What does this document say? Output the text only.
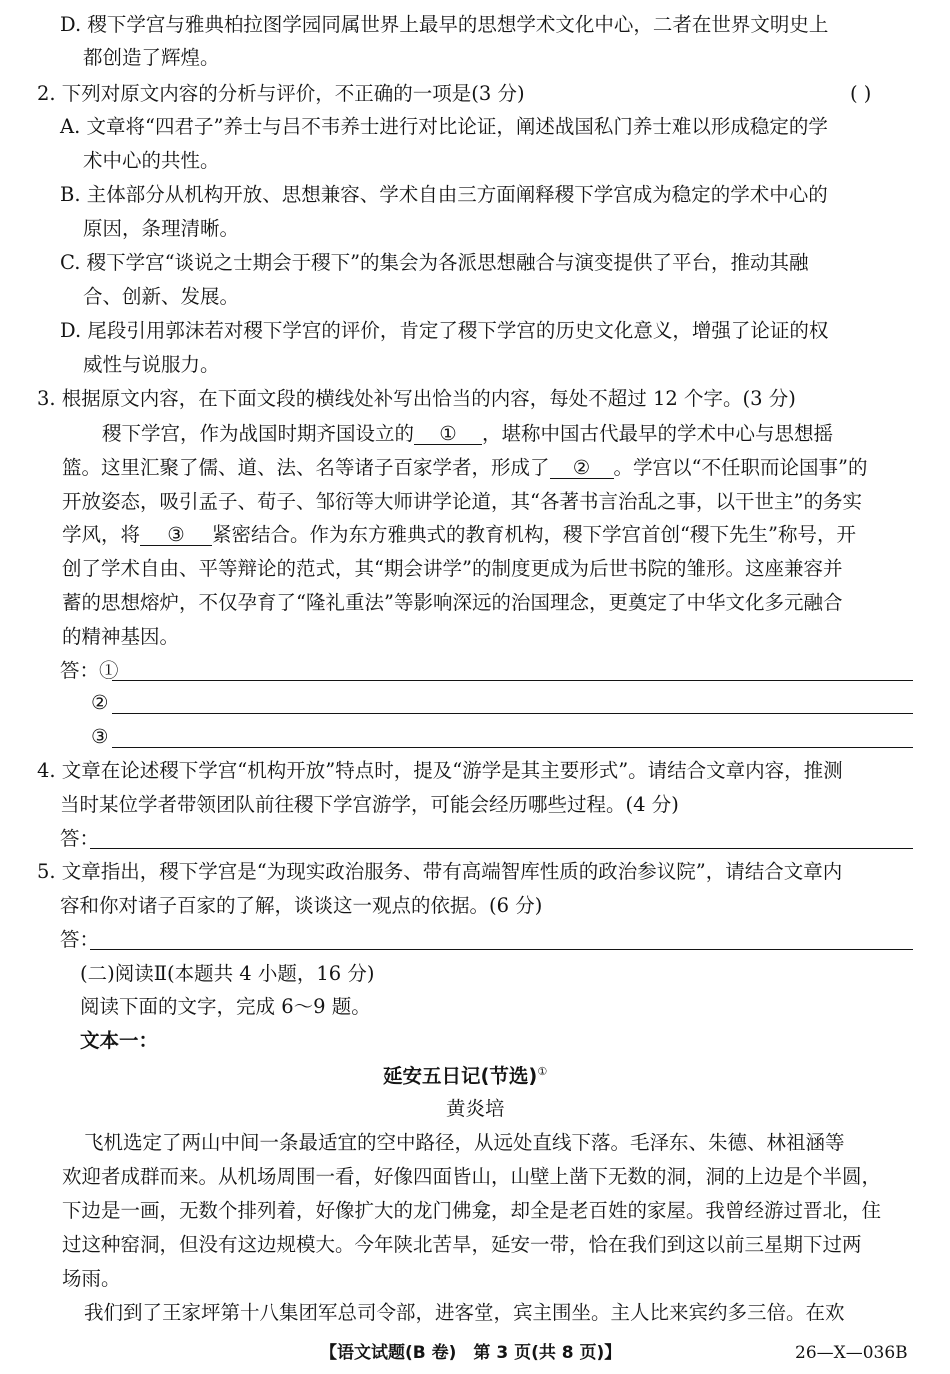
D. 稷下学宫与雅典柏拉图学园同属世界上最早的思想学术文化中心，二者在世界文明史上
都创造了辉煌。
2. 下列对原文内容的分析与评价，不正确的一项是(3 分)	( )
A. 文章将“四君子”养士与吕不韦养士进行对比论证，阐述战国私门养士难以形成稳定的学
术中心的共性。
B. 主体部分从机构开放、思想兼容、学术自由三方面阐释稷下学宫成为稳定的学术中心的
原因，条理清晰。
C. 稷下学宫“谈说之士期会于稷下”的集会为各派思想融合与演变提供了平台，推动其融
合、创新、发展。
D. 尾段引用郭沫若对稷下学宫的评价，肯定了稷下学宫的历史文化意义，增强了论证的权
威性与说服力。
3. 根据原文内容，在下面文段的横线处补写出恰当的内容，每处不超过 12 个字。(3 分)
稷下学宫，作为战国时期齐国设立的 ① ，堪称中国古代最早的学术中心与思想摇
篮。这里汇聚了儒、道、法、名等诸子百家学者，形成了 ② 。学宫以“不任职而论国事”的
开放姿态，吸引孟子、荀子、邹衍等大师讲学论道，其“各著书言治乱之事，以干世主”的务实
学风，将 ③ 紧密结合。作为东方雅典式的教育机构，稷下学宫首创“稷下先生”称号，开
创了学术自由、平等辩论的范式，其“期会讲学”的制度更成为后世书院的雏形。这座兼容并
蓄的思想熔炉，不仅孕育了“隆礼重法”等影响深远的治国理念，更奠定了中华文化多元融合
的精神基因。
答：①
②
③
4. 文章在论述稷下学宫“机构开放”特点时，提及“游学是其主要形式”。请结合文章内容，推测
当时某位学者带领团队前往稷下学宫游学，可能会经历哪些过程。(4 分)
答：
5. 文章指出，稷下学宫是“为现实政治服务、带有高端智库性质的政治参议院”，请结合文章内
容和你对诸子百家的了解，谈谈这一观点的依据。(6 分)
答：
(二)阅读Ⅱ(本题共 4 小题，16 分)
阅读下面的文字，完成 6～9 题。
文本一：
延安五日记(节选)①
黄炎培
飞机选定了两山中间一条最适宜的空中路径，从远处直线下落。毛泽东、朱德、林祖涵等
欢迎者成群而来。从机场周围一看，好像四面皆山，山壁上凿下无数的洞，洞的上边是个半圆，
下边是一画，无数个排列着，好像扩大的龙门佛龛，却全是老百姓的家屋。我曾经游过晋北，住
过这种窑洞，但没有这边规模大。今年陕北苦旱，延安一带，恰在我们到这以前三星期下过两
场雨。
我们到了王家坪第十八集团军总司令部，进客堂，宾主围坐。主人比来宾约多三倍。在欢
【语文试题(B 卷)　第 3 页(共 8 页)】	26—X—036B
